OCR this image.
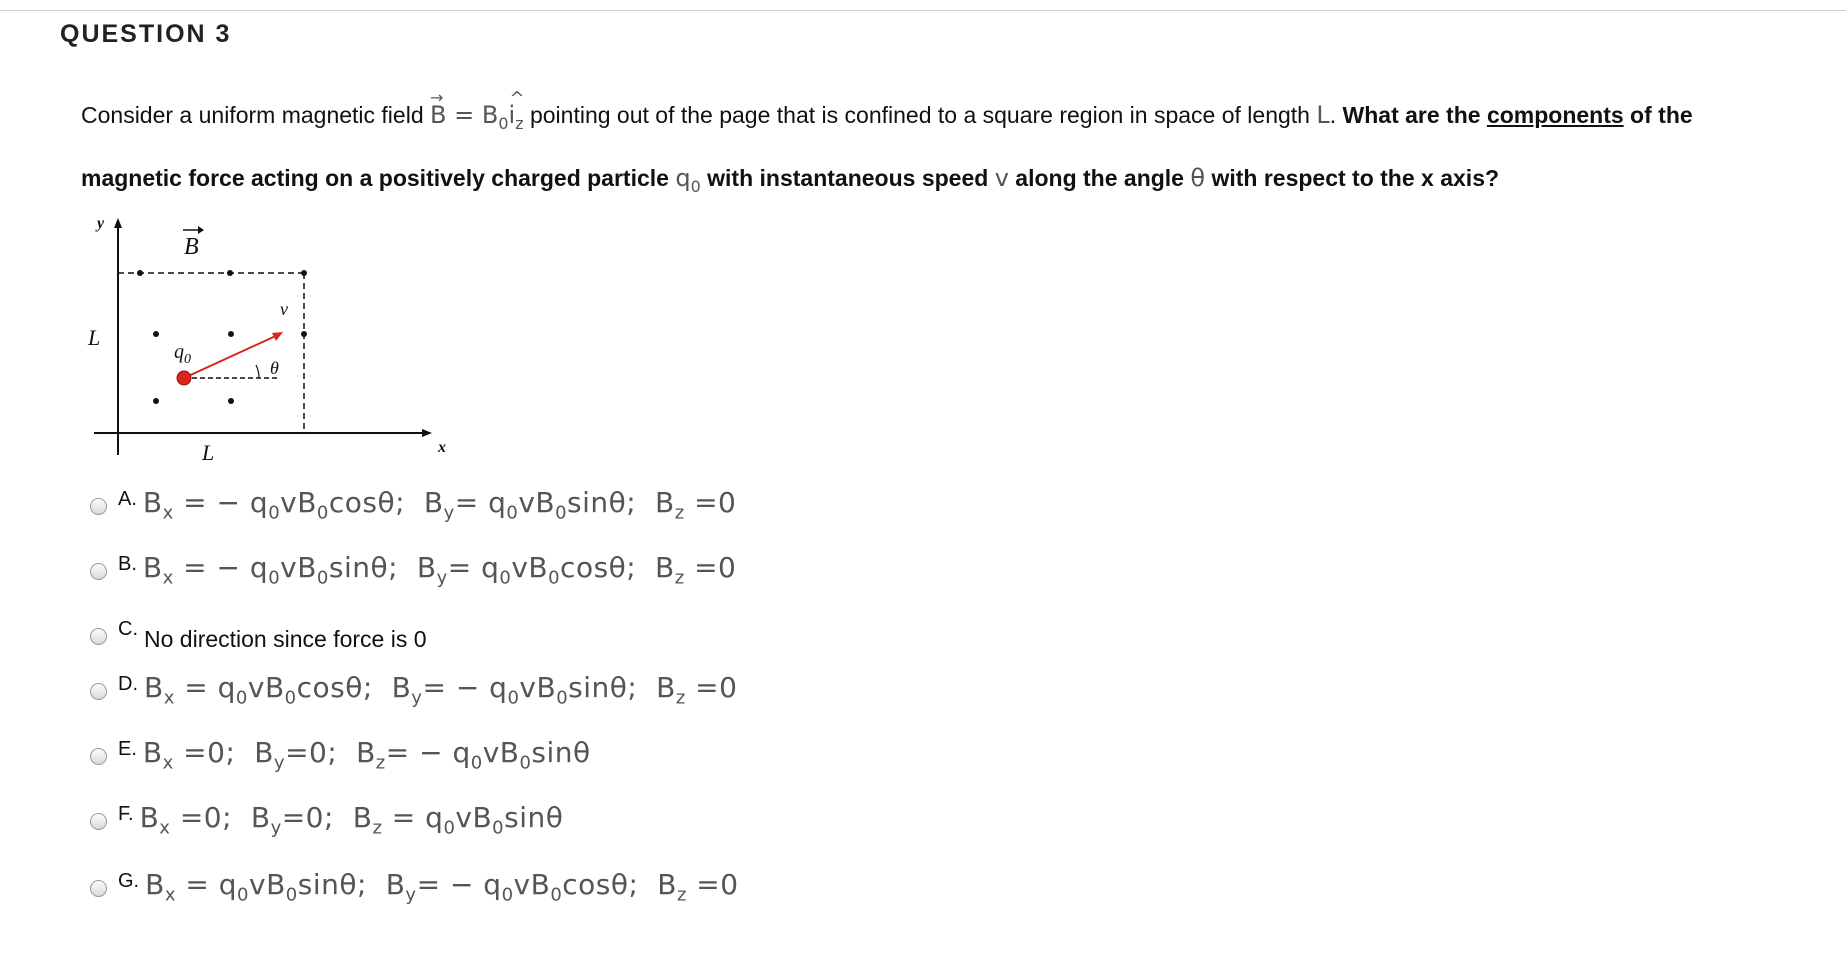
QUESTION 3
Consider a uniform magnetic field → $B = B_0\^{}$ $i_z$ pointing out of the page that is confined to a square region in space of length L. What are the components of the
magnetic force acting on a positively charged particle $q_0$ with instantaneous speed v along the angle θ with respect to the x axis?
B
y
x
L
L
$q_0$	θ
v
A. $B_x$ = − $q_0vB_0\cos\theta$;  $B_y= q_0vB_0\sin\theta$;  $B_z =0$
B. $B_x$ = − $q_0vB_0\sin\theta$;  $B_y= q_0vB_0\cos\theta$;  $B_z =0$
C. No direction since force is 0
D. $B_x = q_0vB_0\cos\theta$;  $B_y= - q_0vB_0\sin\theta$;  $B_z =0$
E. $B_x =0$;  $B_y=0$;  $B_z= - q_0vB_0\sin\theta$
F. $B_x =0$;  $B_y=0$;  $B_z = q_0vB_0\sin\theta$
G. $B_x = q_0vB_0\sin\theta$;  $B_y= - q_0vB_0\cos\theta$;  $B_z =0$
